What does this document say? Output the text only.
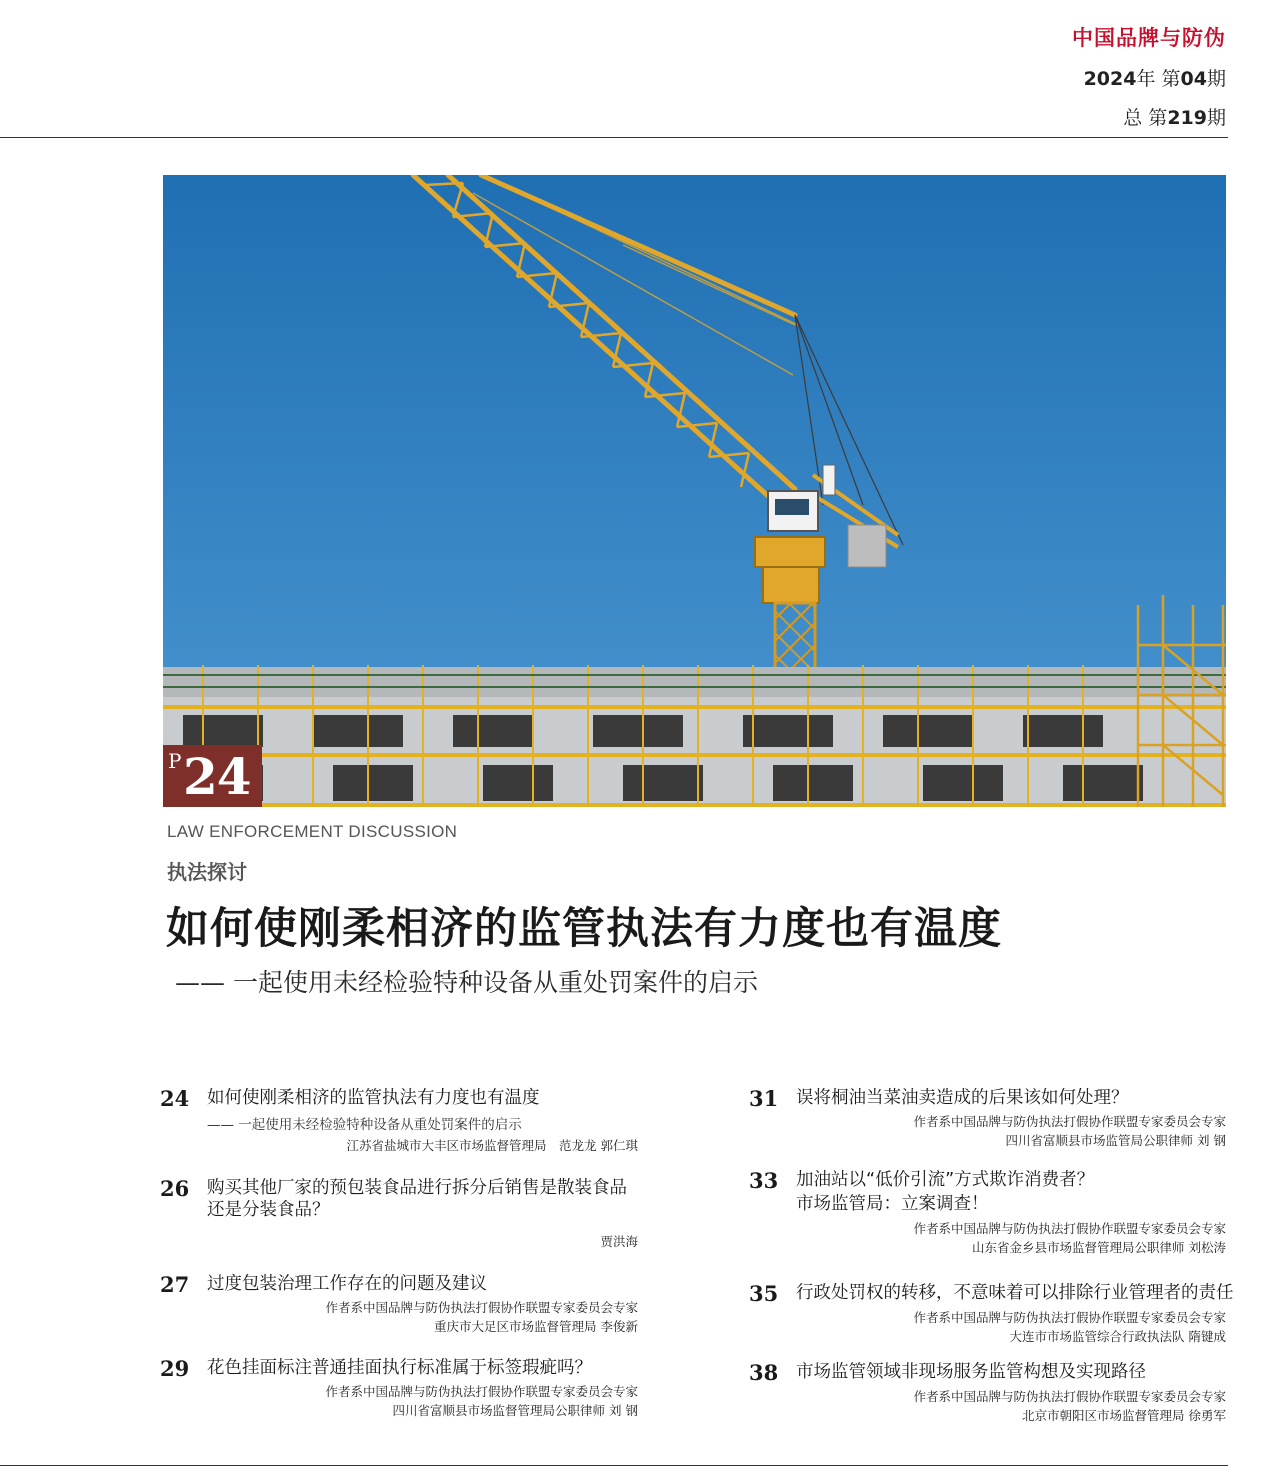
中国品牌与防伪
2024年 第04期
总 第219期
P 24
LAW ENFORCEMENT DISCUSSION
执法探讨
如何使刚柔相济的监管执法有力度也有温度
—— 一起使用未经检验特种设备从重处罚案件的启示
24 如何使刚柔相济的监管执法有力度也有温度
—— 一起使用未经检验特种设备从重处罚案件的启示
江苏省盐城市大丰区市场监督管理局　范龙龙 郭仁琪
26 购买其他厂家的预包装食品进行拆分后销售是散装食品
还是分装食品？
贾洪海
27 过度包装治理工作存在的问题及建议
作者系中国品牌与防伪执法打假协作联盟专家委员会专家
重庆市大足区市场监督管理局 李俊新
29 花色挂面标注普通挂面执行标准属于标签瑕疵吗？
作者系中国品牌与防伪执法打假协作联盟专家委员会专家
四川省富顺县市场监督管理局公职律师 刘 钢
31 误将桐油当菜油卖造成的后果该如何处理？
作者系中国品牌与防伪执法打假协作联盟专家委员会专家
四川省富顺县市场监管局公职律师 刘 钢
33 加油站以“低价引流”方式欺诈消费者？
市场监管局：立案调查！
作者系中国品牌与防伪执法打假协作联盟专家委员会专家
山东省金乡县市场监督管理局公职律师 刘松涛
35 行政处罚权的转移，不意味着可以排除行业管理者的责任
作者系中国品牌与防伪执法打假协作联盟专家委员会专家
大连市市场监管综合行政执法队 隋键成
38 市场监管领域非现场服务监管构想及实现路径
作者系中国品牌与防伪执法打假协作联盟专家委员会专家
北京市朝阳区市场监督管理局 徐勇军
